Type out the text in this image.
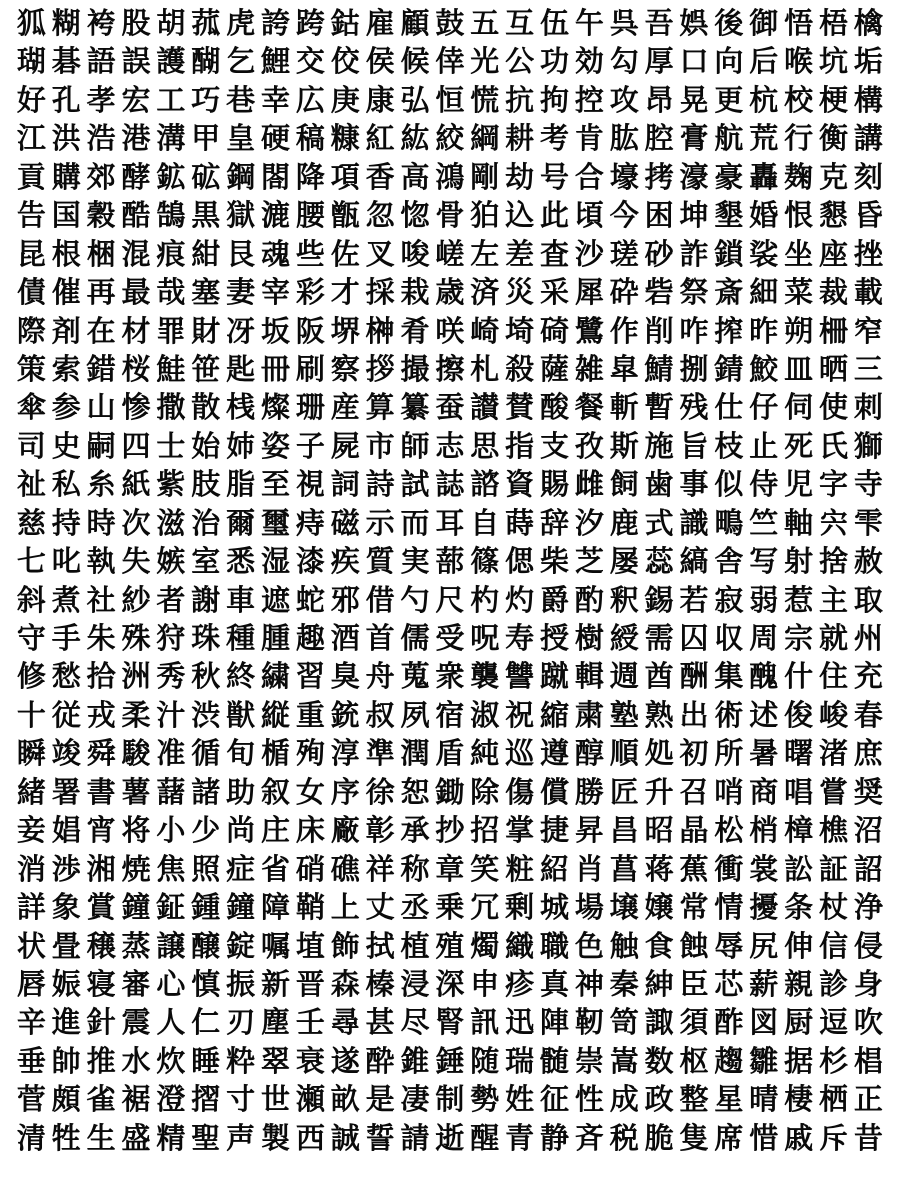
狐 糊 袴 股 胡 菰 虎 誇 跨 鈷 雇 顧 鼓 五 互 伍 午 呉 吾 娯 後 御 悟 梧 檎
瑚 碁 語 誤 護 醐 乞 鯉 交 佼 侯 候 倖 光 公 功 効 勾 厚 口 向 后 喉 坑 垢
好 孔 孝 宏 工 巧 巷 幸 広 庚 康 弘 恒 慌 抗 拘 控 攻 昂 晃 更 杭 校 梗 構
江 洪 浩 港 溝 甲 皇 硬 稿 糠 紅 紘 絞 綱 耕 考 肯 肱 腔 膏 航 荒 行 衡 講
貢 購 郊 酵 鉱 砿 鋼 閤 降 項 香 高 鴻 剛 劫 号 合 壕 拷 濠 豪 轟 麹 克 刻
告 国 穀 酷 鵠 黒 獄 漉 腰 甑 忽 惚 骨 狛 込 此 頃 今 困 坤 墾 婚 恨 懇 昏
昆 根 梱 混 痕 紺 艮 魂 些 佐 叉 唆 嵯 左 差 査 沙 瑳 砂 詐 鎖 裟 坐 座 挫
債 催 再 最 哉 塞 妻 宰 彩 才 採 栽 歳 済 災 采 犀 砕 砦 祭 斎 細 菜 裁 載
際 剤 在 材 罪 財 冴 坂 阪 堺 榊 肴 咲 崎 埼 碕 鷺 作 削 咋 搾 昨 朔 柵 窄
策 索 錯 桜 鮭 笹 匙 冊 刷 察 拶 撮 擦 札 殺 薩 雑 皐 鯖 捌 錆 鮫 皿 晒 三
傘 参 山 惨 撒 散 桟 燦 珊 産 算 纂 蚕 讃 賛 酸 餐 斬 暫 残 仕 仔 伺 使 刺
司 史 嗣 四 士 始 姉 姿 子 屍 市 師 志 思 指 支 孜 斯 施 旨 枝 止 死 氏 獅
祉 私 糸 紙 紫 肢 脂 至 視 詞 詩 試 誌 諮 資 賜 雌 飼 歯 事 似 侍 児 字 寺
慈 持 時 次 滋 治 爾 璽 痔 磁 示 而 耳 自 蒔 辞 汐 鹿 式 識 鴫 竺 軸 宍 雫
七 叱 執 失 嫉 室 悉 湿 漆 疾 質 実 蔀 篠 偲 柴 芝 屡 蕊 縞 舎 写 射 捨 赦
斜 煮 社 紗 者 謝 車 遮 蛇 邪 借 勺 尺 杓 灼 爵 酌 釈 錫 若 寂 弱 惹 主 取
守 手 朱 殊 狩 珠 種 腫 趣 酒 首 儒 受 呪 寿 授 樹 綬 需 囚 収 周 宗 就 州
修 愁 拾 洲 秀 秋 終 繍 習 臭 舟 蒐 衆 襲 讐 蹴 輯 週 酋 酬 集 醜 什 住 充
十 従 戎 柔 汁 渋 獣 縦 重 銃 叔 夙 宿 淑 祝 縮 粛 塾 熟 出 術 述 俊 峻 春
瞬 竣 舜 駿 准 循 旬 楯 殉 淳 準 潤 盾 純 巡 遵 醇 順 処 初 所 暑 曙 渚 庶
緒 署 書 薯 藷 諸 助 叙 女 序 徐 恕 鋤 除 傷 償 勝 匠 升 召 哨 商 唱 嘗 奨
妾 娼 宵 将 小 少 尚 庄 床 廠 彰 承 抄 招 掌 捷 昇 昌 昭 晶 松 梢 樟 樵 沼
消 渉 湘 焼 焦 照 症 省 硝 礁 祥 称 章 笑 粧 紹 肖 菖 蒋 蕉 衝 裳 訟 証 詔
詳 象 賞 鐘 鉦 鍾 鐘 障 鞘 上 丈 丞 乗 冗 剰 城 場 壌 嬢 常 情 擾 条 杖 浄
状 畳 穣 蒸 譲 醸 錠 嘱 埴 飾 拭 植 殖 燭 織 職 色 触 食 蝕 辱 尻 伸 信 侵
唇 娠 寝 審 心 慎 振 新 晋 森 榛 浸 深 申 疹 真 神 秦 紳 臣 芯 薪 親 診 身
辛 進 針 震 人 仁 刃 塵 壬 尋 甚 尽 腎 訊 迅 陣 靭 笥 諏 須 酢 図 厨 逗 吹
垂 帥 推 水 炊 睡 粋 翠 衰 遂 酔 錐 錘 随 瑞 髄 崇 嵩 数 枢 趨 雛 据 杉 椙
菅 頗 雀 裾 澄 摺 寸 世 瀬 畝 是 凄 制 勢 姓 征 性 成 政 整 星 晴 棲 栖 正
清 牲 生 盛 精 聖 声 製 西 誠 誓 請 逝 醒 青 静 斉 税 脆 隻 席 惜 戚 斥 昔
